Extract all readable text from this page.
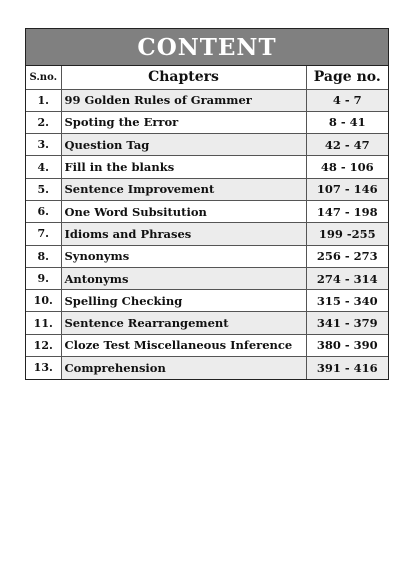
CONTENT
S.no.	Chapters	Page no.
1.	99 Golden Rules of Grammer	4 - 7
2.	Spoting the Error	8 - 41
3.	Question Tag	42 - 47
4.	Fill in the blanks	48 - 106
5.	Sentence Improvement	107 - 146
6.	One Word Subsitution	147 - 198
7.	Idioms and Phrases	199 -255
8.	Synonyms	256 - 273
9.	Antonyms	274 - 314
10.	Spelling Checking	315 - 340
11.	Sentence Rearrangement	341 - 379
12.	Cloze Test Miscellaneous Inference	380 - 390
13.	Comprehension	391 - 416
